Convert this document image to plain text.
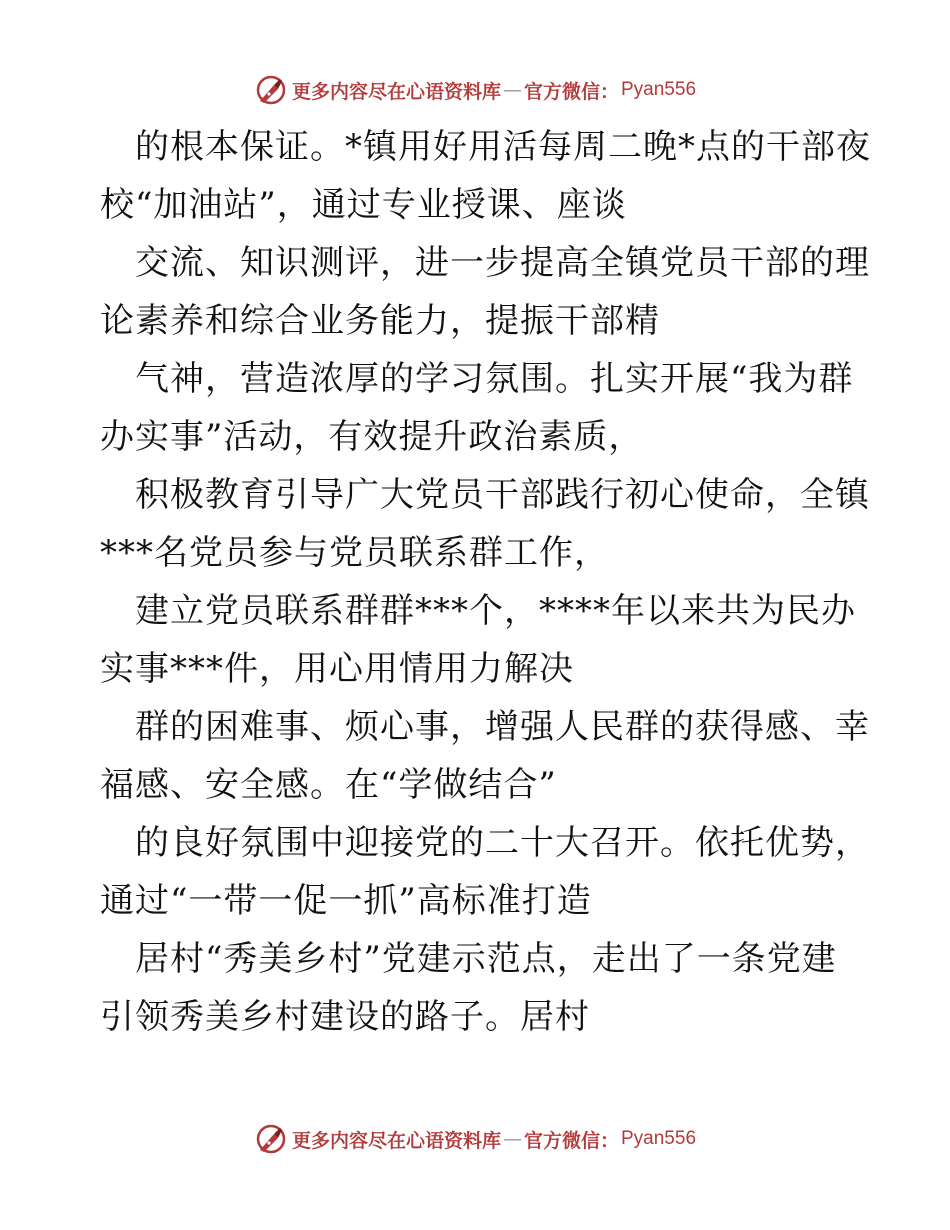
更多内容尽在心语资料库 — 官方微信： Pyan556

的根本保证。*镇用好用活每周二晚*点的干部夜
校“加油站”，通过专业授课、座谈

交流、知识测评，进一步提高全镇党员干部的理
论素养和综合业务能力，提振干部精

气神，营造浓厚的学习氛围。扎实开展“我为群
办实事”活动，有效提升政治素质，

积极教育引导广大党员干部践行初心使命，全镇
***名党员参与党员联系群工作，

建立党员联系群群***个，****年以来共为民办
实事***件，用心用情用力解决

群的困难事、烦心事，增强人民群的获得感、幸
福感、安全感。在“学做结合”

的良好氛围中迎接党的二十大召开。依托优势，
通过“一带一促一抓”高标准打造

居村“秀美乡村”党建示范点，走出了一条党建
引领秀美乡村建设的路子。居村

更多内容尽在心语资料库 — 官方微信： Pyan556
